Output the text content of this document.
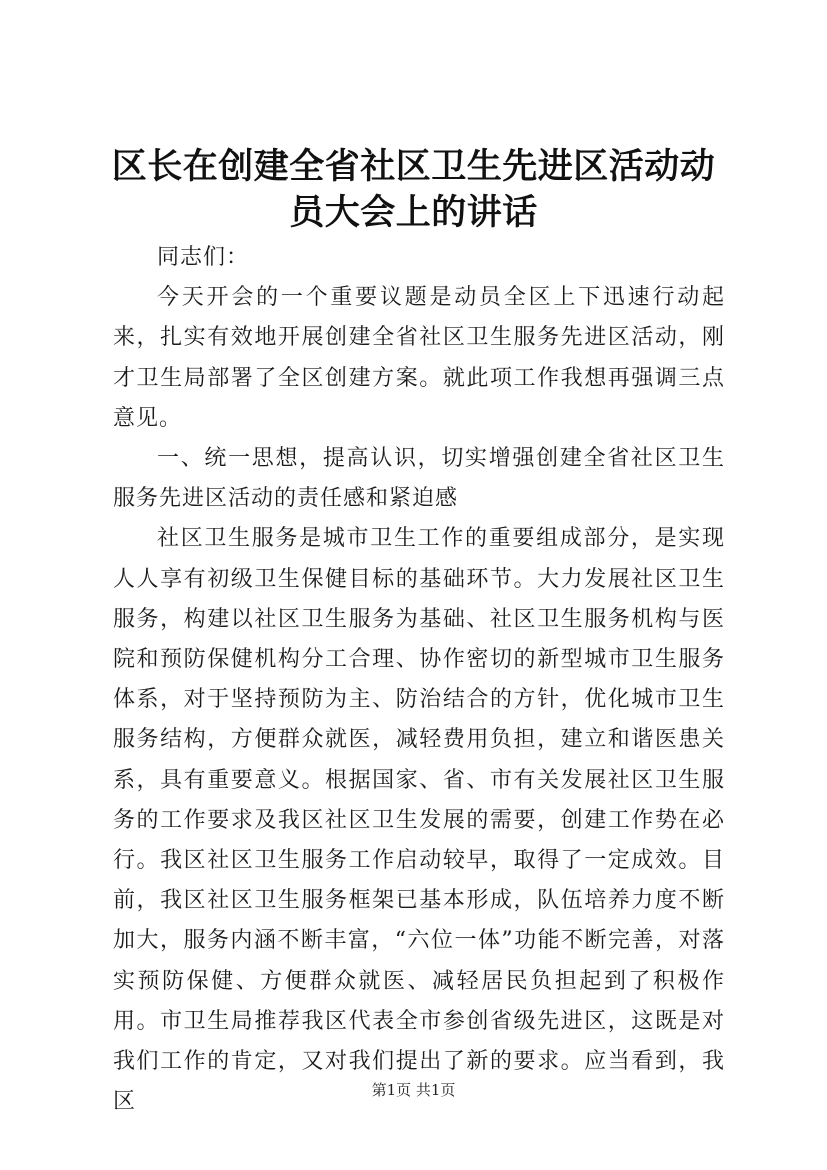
区长在创建全省社区卫生先进区活动动员大会上的讲话

同志们：

今天开会的一个重要议题是动员全区上下迅速行动起来，扎实有效地开展创建全省社区卫生服务先进区活动，刚才卫生局部署了全区创建方案。就此项工作我想再强调三点意见。

一、统一思想，提高认识，切实增强创建全省社区卫生服务先进区活动的责任感和紧迫感

社区卫生服务是城市卫生工作的重要组成部分，是实现人人享有初级卫生保健目标的基础环节。大力发展社区卫生服务，构建以社区卫生服务为基础、社区卫生服务机构与医院和预防保健机构分工合理、协作密切的新型城市卫生服务体系，对于坚持预防为主、防治结合的方针，优化城市卫生服务结构，方便群众就医，减轻费用负担，建立和谐医患关系，具有重要意义。根据国家、省、市有关发展社区卫生服务的工作要求及我区社区卫生发展的需要，创建工作势在必行。我区社区卫生服务工作启动较早，取得了一定成效。目前，我区社区卫生服务框架已基本形成，队伍培养力度不断加大，服务内涵不断丰富，“六位一体”功能不断完善，对落实预防保健、方便群众就医、减轻居民负担起到了积极作用。市卫生局推荐我区代表全市参创省级先进区，这既是对我们工作的肯定，又对我们提出了新的要求。应当看到，我区	第1页 共1页
